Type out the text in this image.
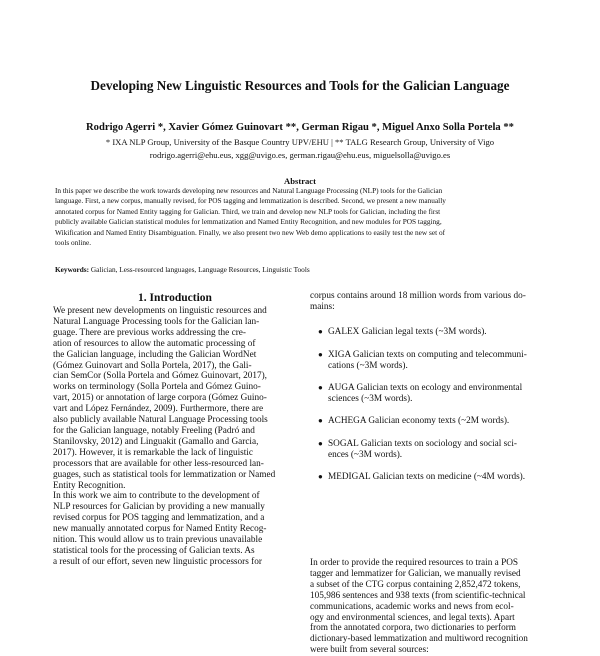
Developing New Linguistic Resources and Tools for the Galician Language
Rodrigo Agerri *, Xavier Gómez Guinovart **, German Rigau *, Miguel Anxo Solla Portela **
* IXA NLP Group, University of the Basque Country UPV/EHU | ** TALG Research Group, University of Vigo
rodrigo.agerri@ehu.eus, xgg@uvigo.es, german.rigau@ehu.eus, miguelsolla@uvigo.es
Abstract
In this paper we describe the work towards developing new resources and Natural Language Processing (NLP) tools for the Galician
language. First, a new corpus, manually revised, for POS tagging and lemmatization is described. Second, we present a new manually
annotated corpus for Named Entity tagging for Galician. Third, we train and develop new NLP tools for Galician, including the first
publicly available Galician statistical modules for lemmatization and Named Entity Recognition, and new modules for POS tagging,
Wikification and Named Entity Disambiguation. Finally, we also present two new Web demo applications to easily test the new set of
tools online.
Keywords: Galician, Less-resourced languages, Language Resources, Linguistic Tools
1. Introduction
We present new developments on linguistic resources and
Natural Language Processing tools for the Galician lan-
guage. There are previous works addressing the cre-
ation of resources to allow the automatic processing of
the Galician language, including the Galician WordNet
(Gómez Guinovart and Solla Portela, 2017), the Gali-
cian SemCor (Solla Portela and Gómez Guinovart, 2017),
works on terminology (Solla Portela and Gómez Guino-
vart, 2015) or annotation of large corpora (Gómez Guino-
vart and López Fernández, 2009). Furthermore, there are
also publicly available Natural Language Processing tools
for the Galician language, notably Freeling (Padró and
Stanilovsky, 2012) and Linguakit (Gamallo and Garcia,
2017). However, it is remarkable the lack of linguistic
processors that are available for other less-resourced lan-
guages, such as statistical tools for lemmatization or Named
Entity Recognition.
In this work we aim to contribute to the development of
NLP resources for Galician by providing a new manually
revised corpus for POS tagging and lemmatization, and a
new manually annotated corpus for Named Entity Recog-
nition. This would allow us to train previous unavailable
statistical tools for the processing of Galician texts. As
a result of our effort, seven new linguistic processors for
corpus contains around 18 million words from various do-
mains:
● GALEX Galician legal texts (~3M words).
● XIGA Galician texts on computing and telecommuni-
cations (~3M words).
● AUGA Galician texts on ecology and environmental
sciences (~3M words).
● ACHEGA Galician economy texts (~2M words).
● SOGAL Galician texts on sociology and social sci-
ences (~3M words).
● MEDIGAL Galician texts on medicine (~4M words).
In order to provide the required resources to train a POS
tagger and lemmatizer for Galician, we manually revised
a subset of the CTG corpus containing 2,852,472 tokens,
105,986 sentences and 938 texts (from scientific-technical
communications, academic works and news from ecol-
ogy and environmental sciences, and legal texts). Apart
from the annotated corpora, two dictionaries to perform
dictionary-based lemmatization and multiword recognition
were built from several sources:
